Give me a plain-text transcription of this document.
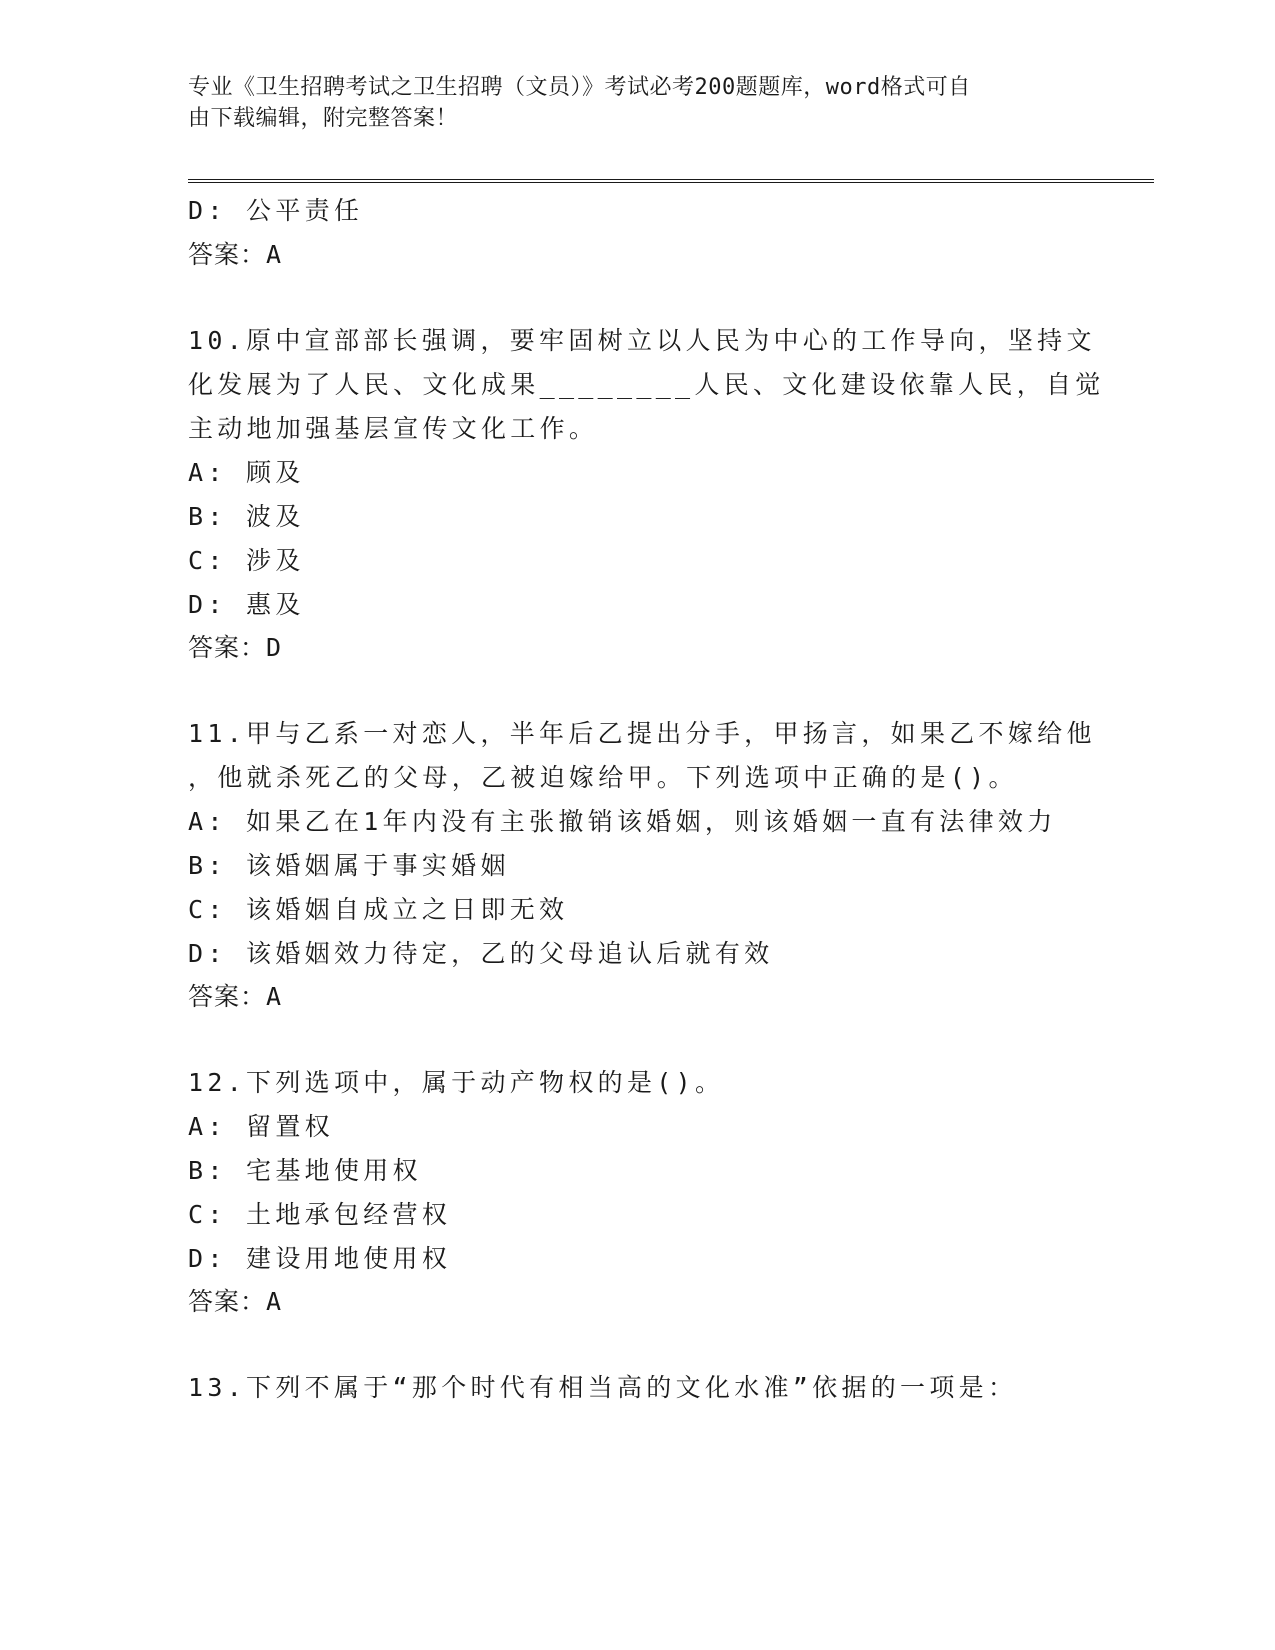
专业《卫生招聘考试之卫生招聘（文员）》考试必考200题题库，word格式可自
由下载编辑，附完整答案！
D: 公平责任
答案：A
10.原中宣部部长强调，要牢固树立以人民为中心的工作导向，坚持文
化发展为了人民、文化成果________人民、文化建设依靠人民，自觉
主动地加强基层宣传文化工作。
A: 顾及
B: 波及
C: 涉及
D: 惠及
答案：D
11.甲与乙系一对恋人，半年后乙提出分手，甲扬言，如果乙不嫁给他
，他就杀死乙的父母，乙被迫嫁给甲。下列选项中正确的是()。
A: 如果乙在1年内没有主张撤销该婚姻，则该婚姻一直有法律效力
B: 该婚姻属于事实婚姻
C: 该婚姻自成立之日即无效
D: 该婚姻效力待定，乙的父母追认后就有效
答案：A
12.下列选项中，属于动产物权的是()。
A: 留置权
B: 宅基地使用权
C: 土地承包经营权
D: 建设用地使用权
答案：A
13.下列不属于“那个时代有相当高的文化水准”依据的一项是：
